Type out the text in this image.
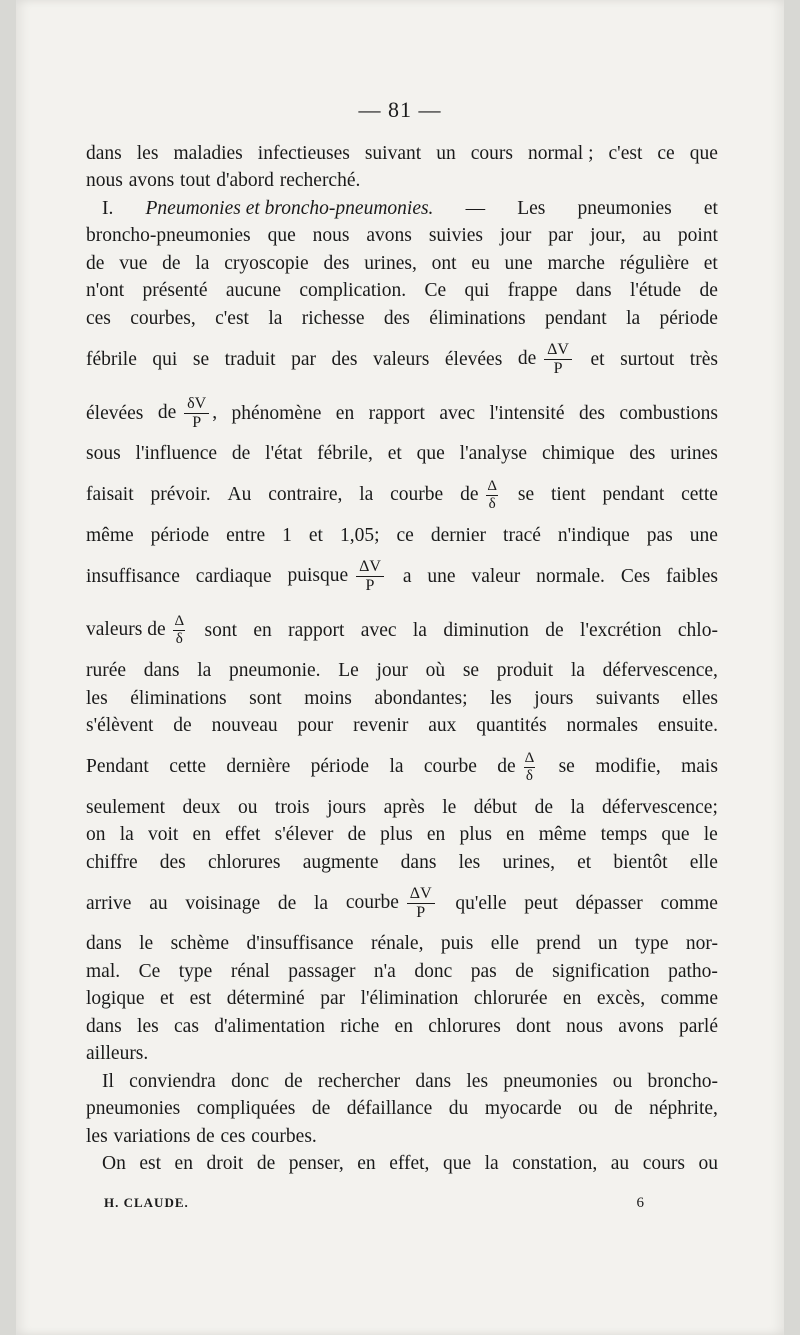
— 81 —
dans les maladies infectieuses suivant un cours normal ; c'est ce que
nous avons tout d'abord recherché.
I. Pneumonies et broncho-pneumonies. — Les pneumonies et
broncho-pneumonies que nous avons suivies jour par jour, au point
de vue de la cryoscopie des urines, ont eu une marche régulière et
n'ont présenté aucune complication. Ce qui frappe dans l'étude de
ces courbes, c'est la richesse des éliminations pendant la période
fébrile qui se traduit par des valeurs élevées de $\frac{\Delta V}{P}$ et surtout très
élevées de $\frac{\delta V}{P}$ , phénomène en rapport avec l'intensité des combustions
sous l'influence de l'état fébrile, et que l'analyse chimique des urines
faisait prévoir. Au contraire, la courbe de $\frac{\Delta}{\delta}$ se tient pendant cette
même période entre 1 et 1,05; ce dernier tracé n'indique pas une
insuffisance cardiaque puisque $\frac{\Delta V}{P}$ a une valeur normale. Ces faibles
valeurs de $\frac{\Delta}{\delta}$ sont en rapport avec la diminution de l'excrétion chlo-
rurée dans la pneumonie. Le jour où se produit la défervescence,
les éliminations sont moins abondantes; les jours suivants elles
s'élèvent de nouveau pour revenir aux quantités normales ensuite.
Pendant cette dernière période la courbe de $\frac{\Delta}{\delta}$ se modifie, mais
seulement deux ou trois jours après le début de la défervescence;
on la voit en effet s'élever de plus en plus en même temps que le
chiffre des chlorures augmente dans les urines, et bientôt elle
arrive au voisinage de la courbe $\frac{\Delta V}{P}$ qu'elle peut dépasser comme
dans le schème d'insuffisance rénale, puis elle prend un type nor-
mal. Ce type rénal passager n'a donc pas de signification patho-
logique et est déterminé par l'élimination chlorurée en excès, comme
dans les cas d'alimentation riche en chlorures dont nous avons parlé
ailleurs.
Il conviendra donc de rechercher dans les pneumonies ou broncho-
pneumonies compliquées de défaillance du myocarde ou de néphrite,
les variations de ces courbes.
On est en droit de penser, en effet, que la constation, au cours ou
H. CLAUDE.	6
